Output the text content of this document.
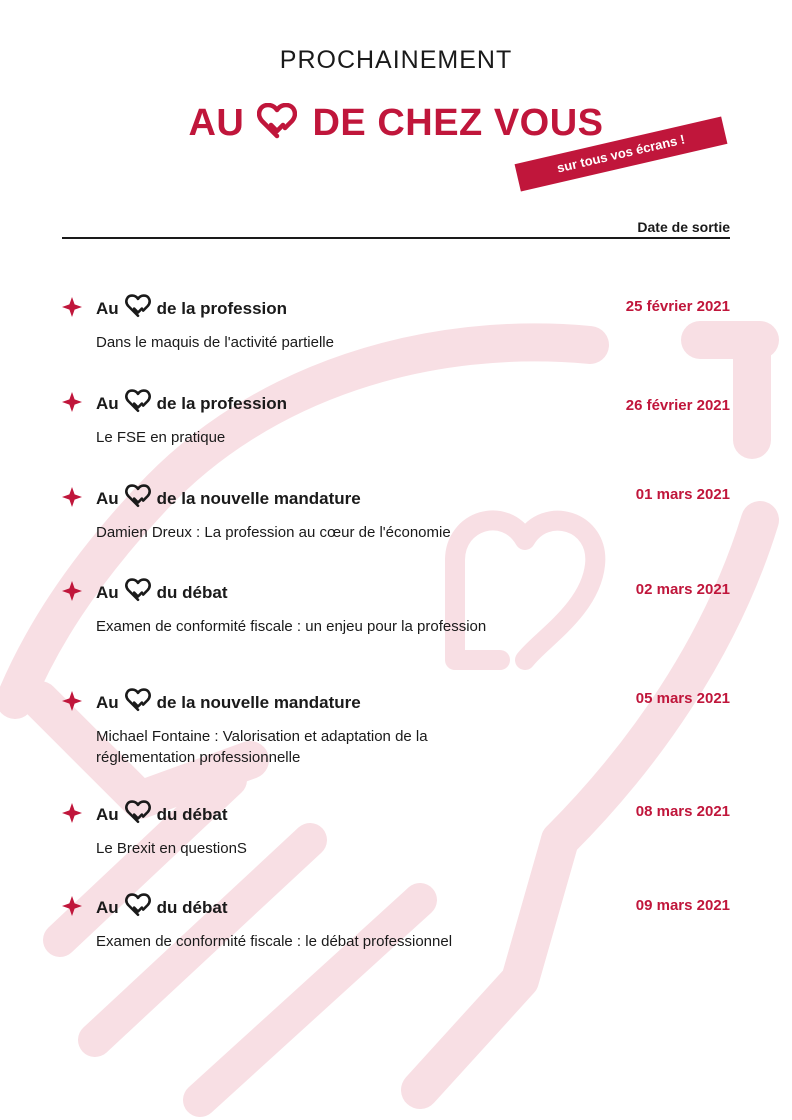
PROCHAINEMENT
AU DE CHEZ VOUS
sur tous vos écrans !
Date de sortie
Au de la profession	25 février 2021
Dans le maquis de l'activité partielle
Au de la profession	26 février 2021
Le FSE en pratique
Au de la nouvelle mandature	01 mars 2021
Damien Dreux : La profession au cœur de l'économie
Au du débat	02 mars 2021
Examen de conformité fiscale : un enjeu pour la profession
Au de la nouvelle mandature	05 mars 2021
Michael Fontaine : Valorisation et adaptation de la réglementation professionnelle
Au du débat	08 mars 2021
Le Brexit en questionS
Au du débat	09 mars 2021
Examen de conformité fiscale : le débat professionnel
